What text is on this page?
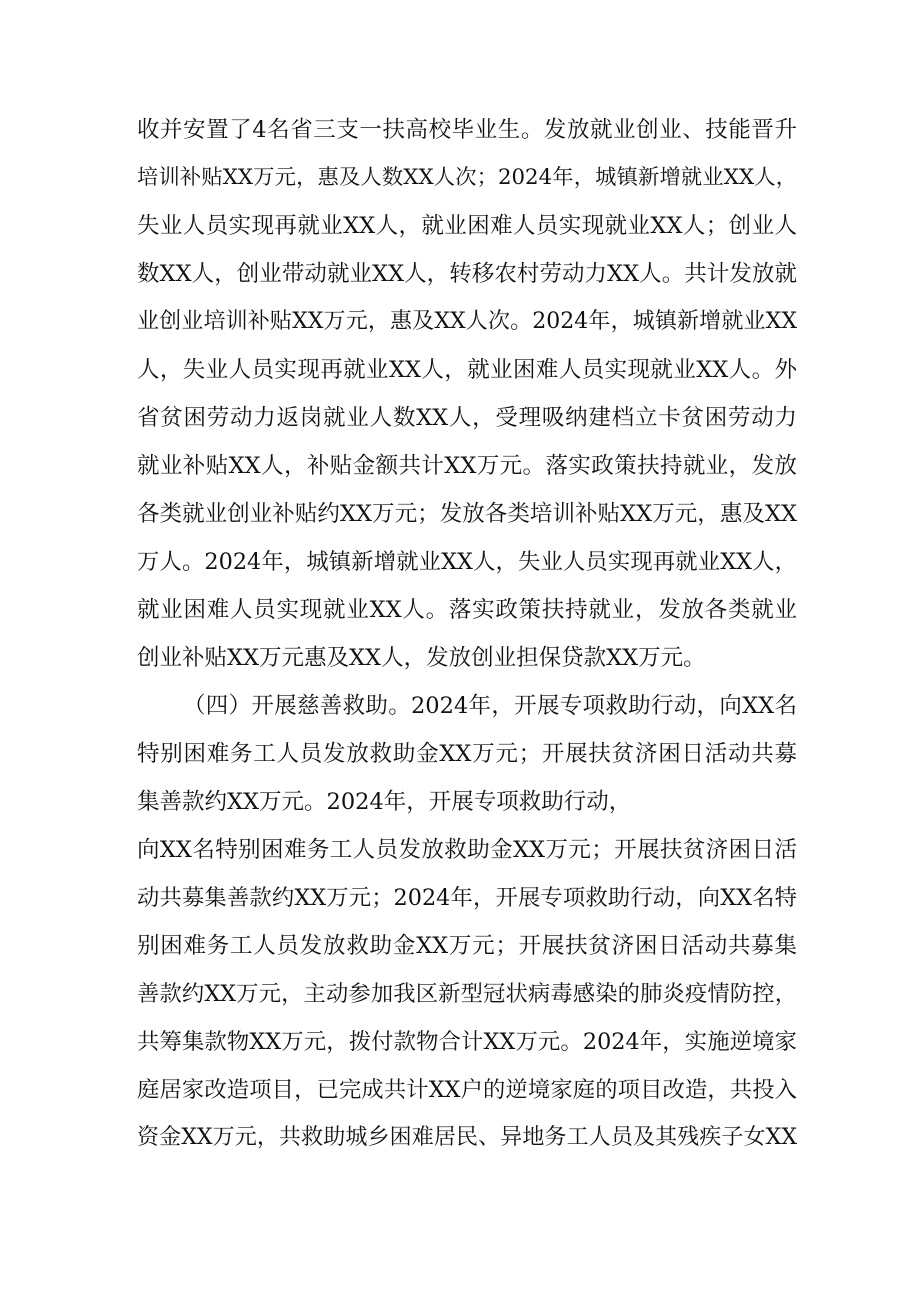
收并安置了4名省三支一扶高校毕业生。发放就业创业、技能晋升
培训补贴XX万元，惠及人数XX人次；2024年，城镇新增就业XX人，
失业人员实现再就业XX人，就业困难人员实现就业XX人；创业人
数XX人，创业带动就业XX人，转移农村劳动力XX人。共计发放就
业创业培训补贴XX万元，惠及XX人次。2024年，城镇新增就业XX
人，失业人员实现再就业XX人，就业困难人员实现就业XX人。外
省贫困劳动力返岗就业人数XX人，受理吸纳建档立卡贫困劳动力
就业补贴XX人，补贴金额共计XX万元。落实政策扶持就业，发放
各类就业创业补贴约XX万元；发放各类培训补贴XX万元，惠及XX
万人。2024年，城镇新增就业XX人，失业人员实现再就业XX人，
就业困难人员实现就业XX人。落实政策扶持就业，发放各类就业
创业补贴XX万元惠及XX人，发放创业担保贷款XX万元。
（四）开展慈善救助。2024年，开展专项救助行动，向XX名
特别困难务工人员发放救助金XX万元；开展扶贫济困日活动共募
集善款约XX万元。2024年，开展专项救助行动，
向XX名特别困难务工人员发放救助金XX万元；开展扶贫济困日活
动共募集善款约XX万元；2024年，开展专项救助行动，向XX名特
别困难务工人员发放救助金XX万元；开展扶贫济困日活动共募集
善款约XX万元，主动参加我区新型冠状病毒感染的肺炎疫情防控，
共筹集款物XX万元，拨付款物合计XX万元。2024年，实施逆境家
庭居家改造项目，已完成共计XX户的逆境家庭的项目改造，共投入
资金XX万元，共救助城乡困难居民、异地务工人员及其残疾子女XX
